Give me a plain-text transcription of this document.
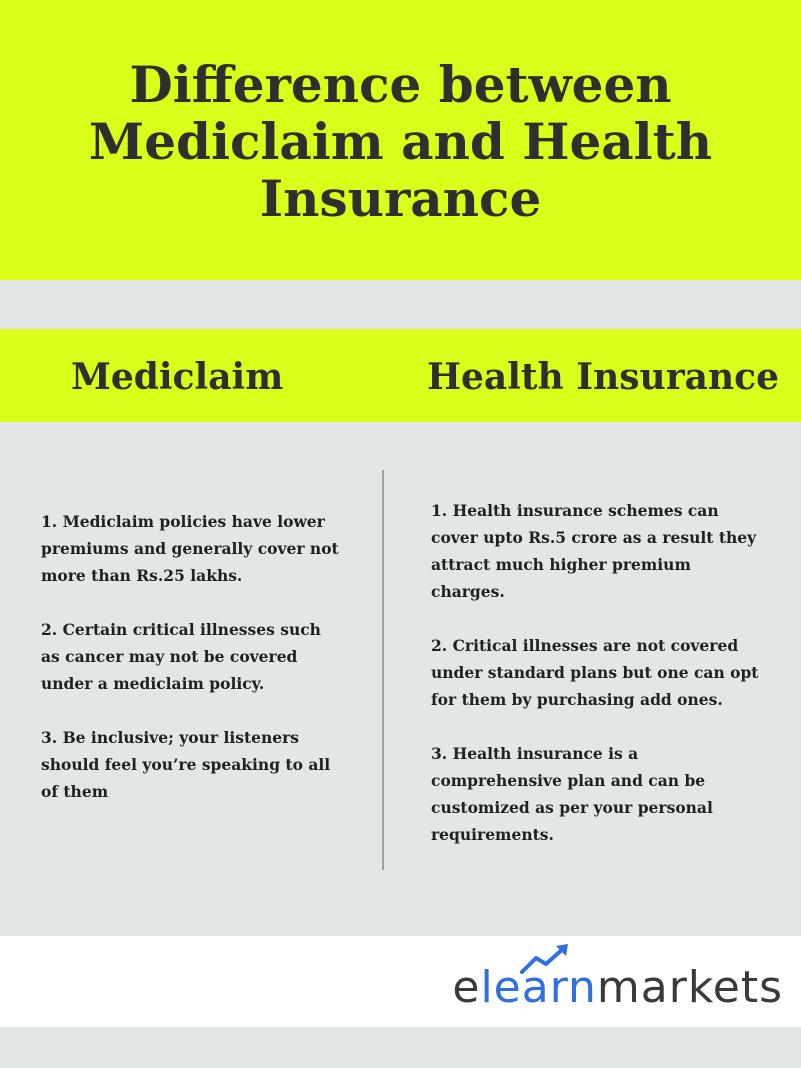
Difference between
Mediclaim and Health
Insurance
Mediclaim	Health Insurance
1. Mediclaim policies have lower premiums and generally cover not more than Rs.25 lakhs.
2. Certain critical illnesses such as cancer may not be covered under a mediclaim policy.
3. Be inclusive; your listeners should feel you’re speaking to all of them
1. Health insurance schemes can cover upto Rs.5 crore as a result they attract much higher premium charges.
2. Critical illnesses are not covered under standard plans but one can opt for them by purchasing add ones.
3. Health insurance is a comprehensive plan and can be customized as per your personal requirements.
elearnmarkets
